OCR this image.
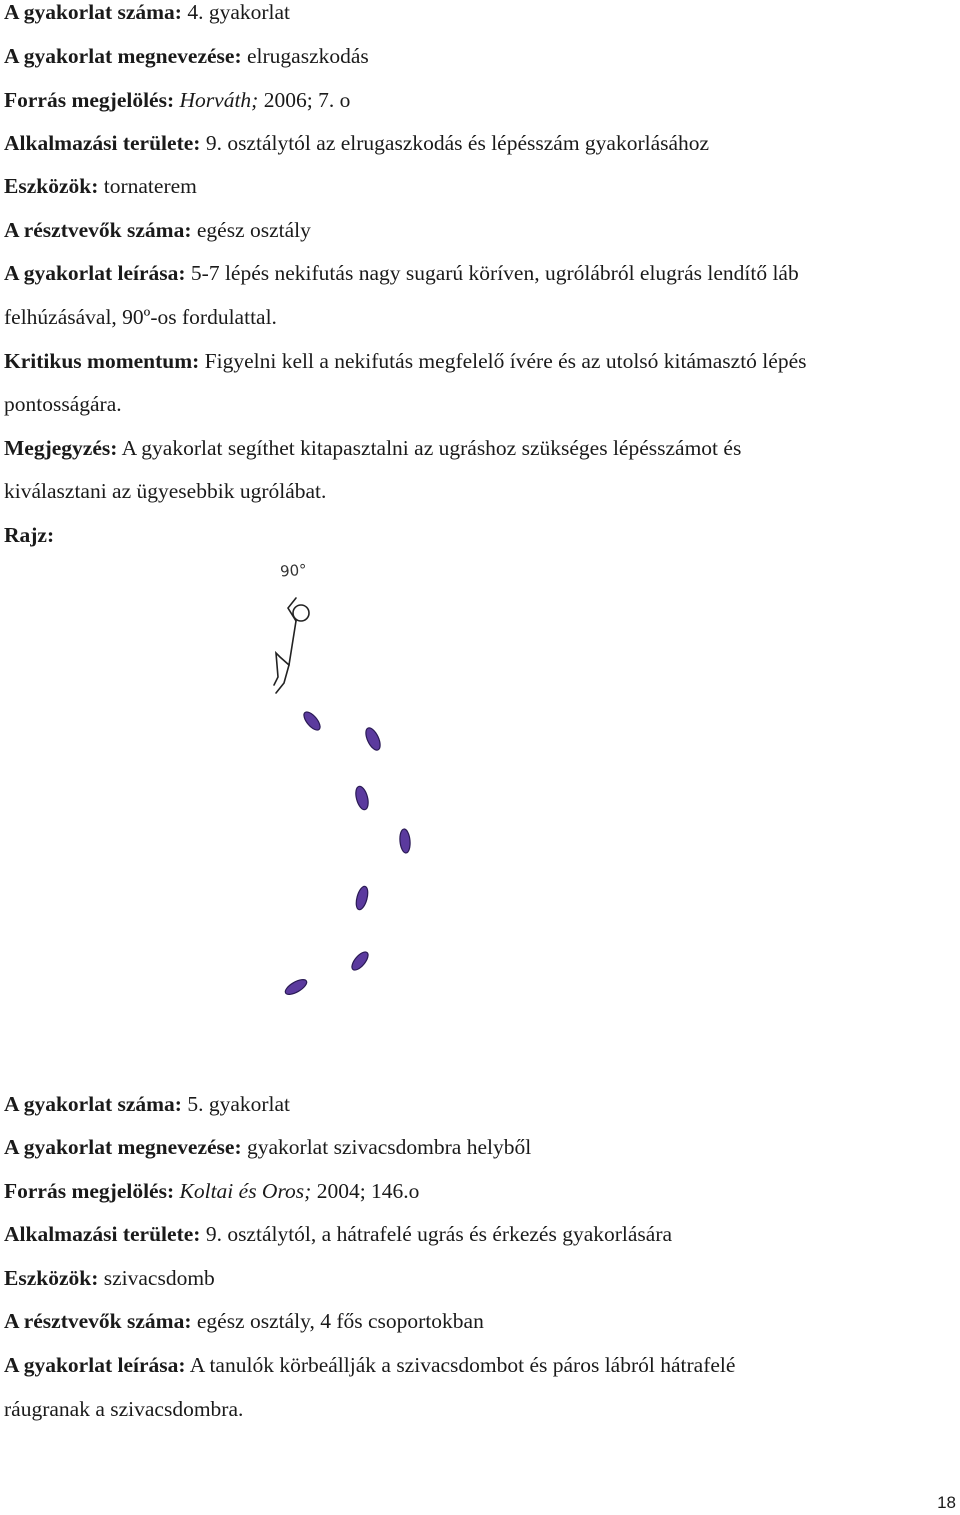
A gyakorlat száma: 4. gyakorlat
A gyakorlat megnevezése: elrugaszkodás
Forrás megjelölés: Horváth; 2006; 7. o
Alkalmazási területe: 9. osztálytól az elrugaszkodás és lépésszám gyakorlásához
Eszközök: tornaterem
A résztvevők száma: egész osztály
A gyakorlat leírása: 5-7 lépés nekifutás nagy sugarú köríven, ugrólábról elugrás lendítő láb
felhúzásával, 90º-os fordulattal.
Kritikus momentum: Figyelni kell a nekifutás megfelelő ívére és az utolsó kitámasztó lépés
pontosságára.
Megjegyzés: A gyakorlat segíthet kitapasztalni az ugráshoz szükséges lépésszámot és
kiválasztani az ügyesebbik ugrólábat.
Rajz:
90°
A gyakorlat száma: 5. gyakorlat
A gyakorlat megnevezése: gyakorlat szivacsdombra helyből
Forrás megjelölés: Koltai és Oros; 2004; 146.o
Alkalmazási területe: 9. osztálytól, a hátrafelé ugrás és érkezés gyakorlására
Eszközök: szivacsdomb
A résztvevők száma: egész osztály, 4 fős csoportokban
A gyakorlat leírása: A tanulók körbeállják a szivacsdombot és páros lábról hátrafelé
ráugranak a szivacsdombra.
18
